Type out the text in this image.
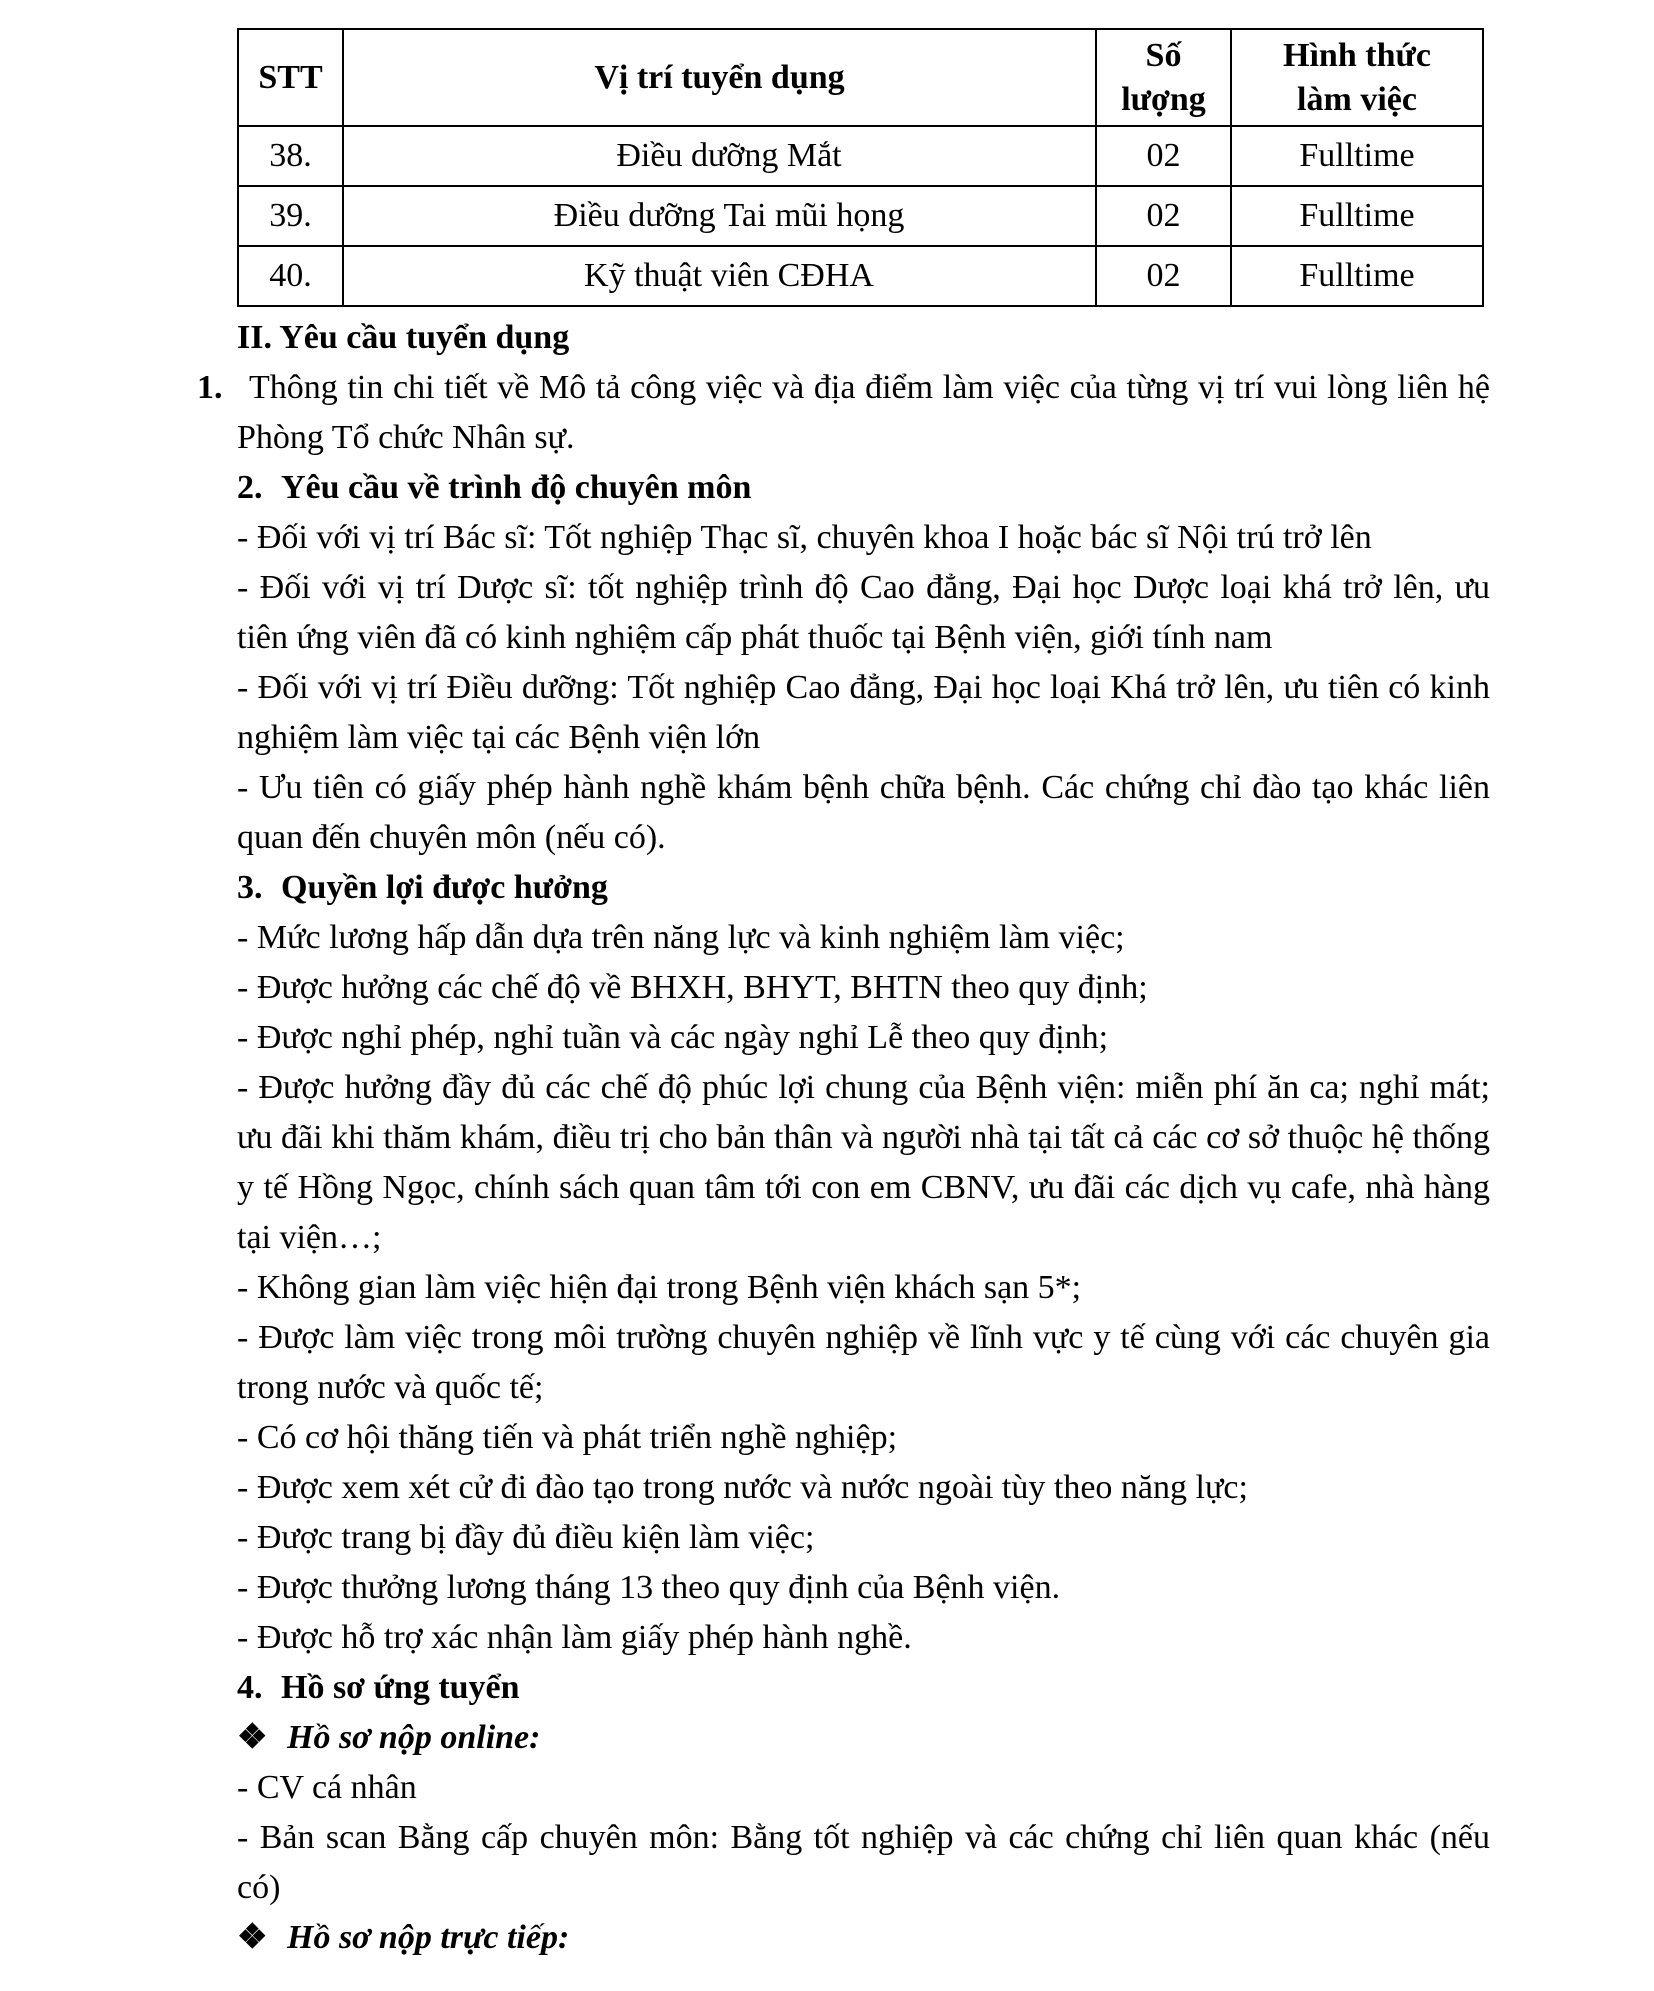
STT	Vị trí tuyển dụng	Số lượng	Hình thức làm việc
38.	Điều dưỡng Mắt	02	Fulltime
39.	Điều dưỡng Tai mũi họng	02	Fulltime
40.	Kỹ thuật viên CĐHA	02	Fulltime

II. Yêu cầu tuyển dụng

1. Thông tin chi tiết về Mô tả công việc và địa điểm làm việc của từng vị trí vui lòng liên hệ Phòng Tổ chức Nhân sự.

2. Yêu cầu về trình độ chuyên môn

- Đối với vị trí Bác sĩ: Tốt nghiệp Thạc sĩ, chuyên khoa I hoặc bác sĩ Nội trú trở lên

- Đối với vị trí Dược sĩ: tốt nghiệp trình độ Cao đẳng, Đại học Dược loại khá trở lên, ưu tiên ứng viên đã có kinh nghiệm cấp phát thuốc tại Bệnh viện, giới tính nam

- Đối với vị trí Điều dưỡng: Tốt nghiệp Cao đẳng, Đại học loại Khá trở lên, ưu tiên có kinh nghiệm làm việc tại các Bệnh viện lớn

- Ưu tiên có giấy phép hành nghề khám bệnh chữa bệnh. Các chứng chỉ đào tạo khác liên quan đến chuyên môn (nếu có).

3. Quyền lợi được hưởng

- Mức lương hấp dẫn dựa trên năng lực và kinh nghiệm làm việc;

- Được hưởng các chế độ về BHXH, BHYT, BHTN theo quy định;

- Được nghỉ phép, nghỉ tuần và các ngày nghỉ Lễ theo quy định;

- Được hưởng đầy đủ các chế độ phúc lợi chung của Bệnh viện: miễn phí ăn ca; nghỉ mát; ưu đãi khi thăm khám, điều trị cho bản thân và người nhà tại tất cả các cơ sở thuộc hệ thống y tế Hồng Ngọc, chính sách quan tâm tới con em CBNV, ưu đãi các dịch vụ cafe, nhà hàng tại viện…;

- Không gian làm việc hiện đại trong Bệnh viện khách sạn 5*;

- Được làm việc trong môi trường chuyên nghiệp về lĩnh vực y tế cùng với các chuyên gia trong nước và quốc tế;

- Có cơ hội thăng tiến và phát triển nghề nghiệp;

- Được xem xét cử đi đào tạo trong nước và nước ngoài tùy theo năng lực;

- Được trang bị đầy đủ điều kiện làm việc;

- Được thưởng lương tháng 13 theo quy định của Bệnh viện.

- Được hỗ trợ xác nhận làm giấy phép hành nghề.

4. Hồ sơ ứng tuyển

❖ Hồ sơ nộp online:

- CV cá nhân

- Bản scan Bằng cấp chuyên môn: Bằng tốt nghiệp và các chứng chỉ liên quan khác (nếu có)

❖ Hồ sơ nộp trực tiếp:
